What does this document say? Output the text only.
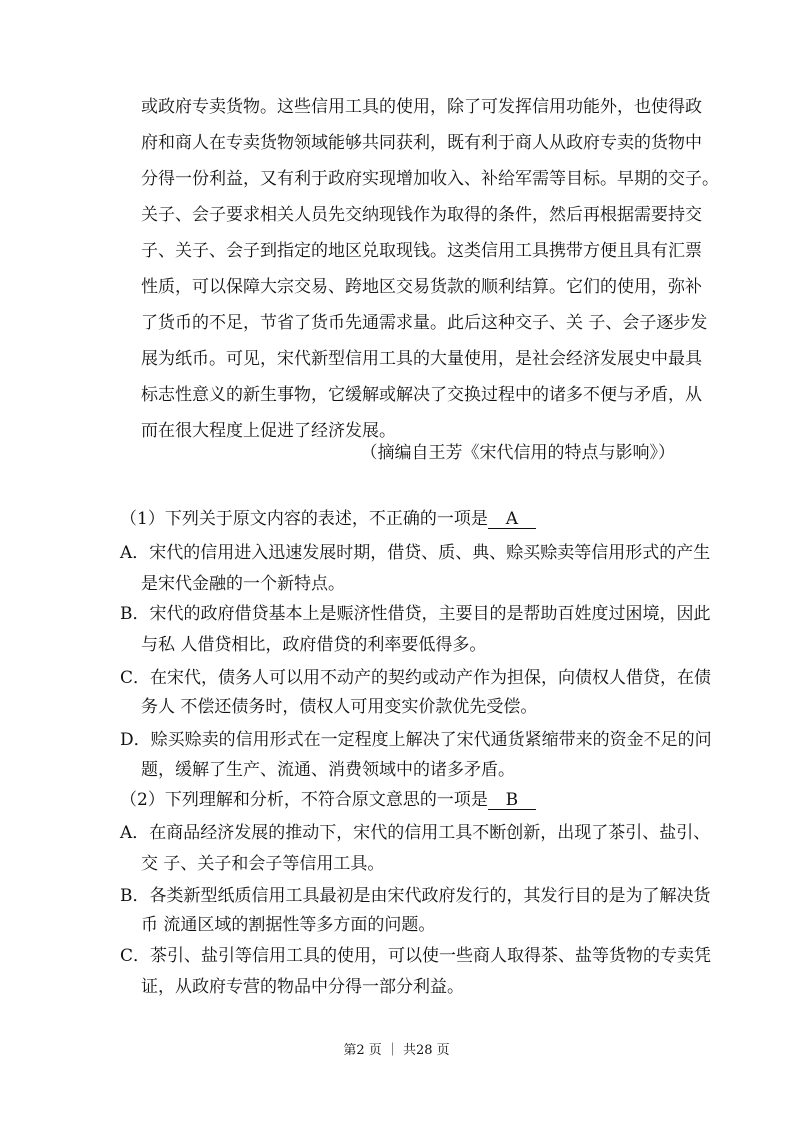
或政府专卖货物。这些信用工具的使用，除了可发挥信用功能外，也使得政
府和商人在专卖货物领域能够共同获利，既有利于商人从政府专卖的货物中
分得一份利益，又有利于政府实现增加收入、补给军需等目标。早期的交子。
关子、会子要求相关人员先交纳现钱作为取得的条件，然后再根据需要持交
子、关子、会子到指定的地区兑取现钱。这类信用工具携带方便且具有汇票
性质，可以保障大宗交易、跨地区交易货款的顺利结算。它们的使用，弥补
了货币的不足，节省了货币先通需求量。此后这种交子、关 子、会子逐步发
展为纸币。可见，宋代新型信用工具的大量使用，是社会经济发展史中最具
标志性意义的新生事物，它缓解或解决了交换过程中的诸多不便与矛盾，从
而在很大程度上促进了经济发展。
（摘编自王芳《宋代信用的特点与影响》）
（1）下列关于原文内容的表述，不正确的一项是 A
A．宋代的信用进入迅速发展时期，借贷、质、典、赊买赊卖等信用形式的产生
是宋代金融的一个新特点。
B．宋代的政府借贷基本上是赈济性借贷，主要目的是帮助百姓度过困境，因此
与私 人借贷相比，政府借贷的利率要低得多。
C．在宋代，债务人可以用不动产的契约或动产作为担保，向债权人借贷，在债
务人 不偿还债务时，债权人可用变实价款优先受偿。
D．赊买赊卖的信用形式在一定程度上解决了宋代通货紧缩带来的资金不足的问
题，缓解了生产、流通、消费领域中的诸多矛盾。
（2）下列理解和分析，不符合原文意思的一项是 B
A．在商品经济发展的推动下，宋代的信用工具不断创新，出现了茶引、盐引、
交 子、关子和会子等信用工具。
B．各类新型纸质信用工具最初是由宋代政府发行的，其发行目的是为了解决货
币 流通区域的割据性等多方面的问题。
C．茶引、盐引等信用工具的使用，可以使一些商人取得茶、盐等货物的专卖凭
证，从政府专营的物品中分得一部分利益。
第2 页 ｜ 共28 页
